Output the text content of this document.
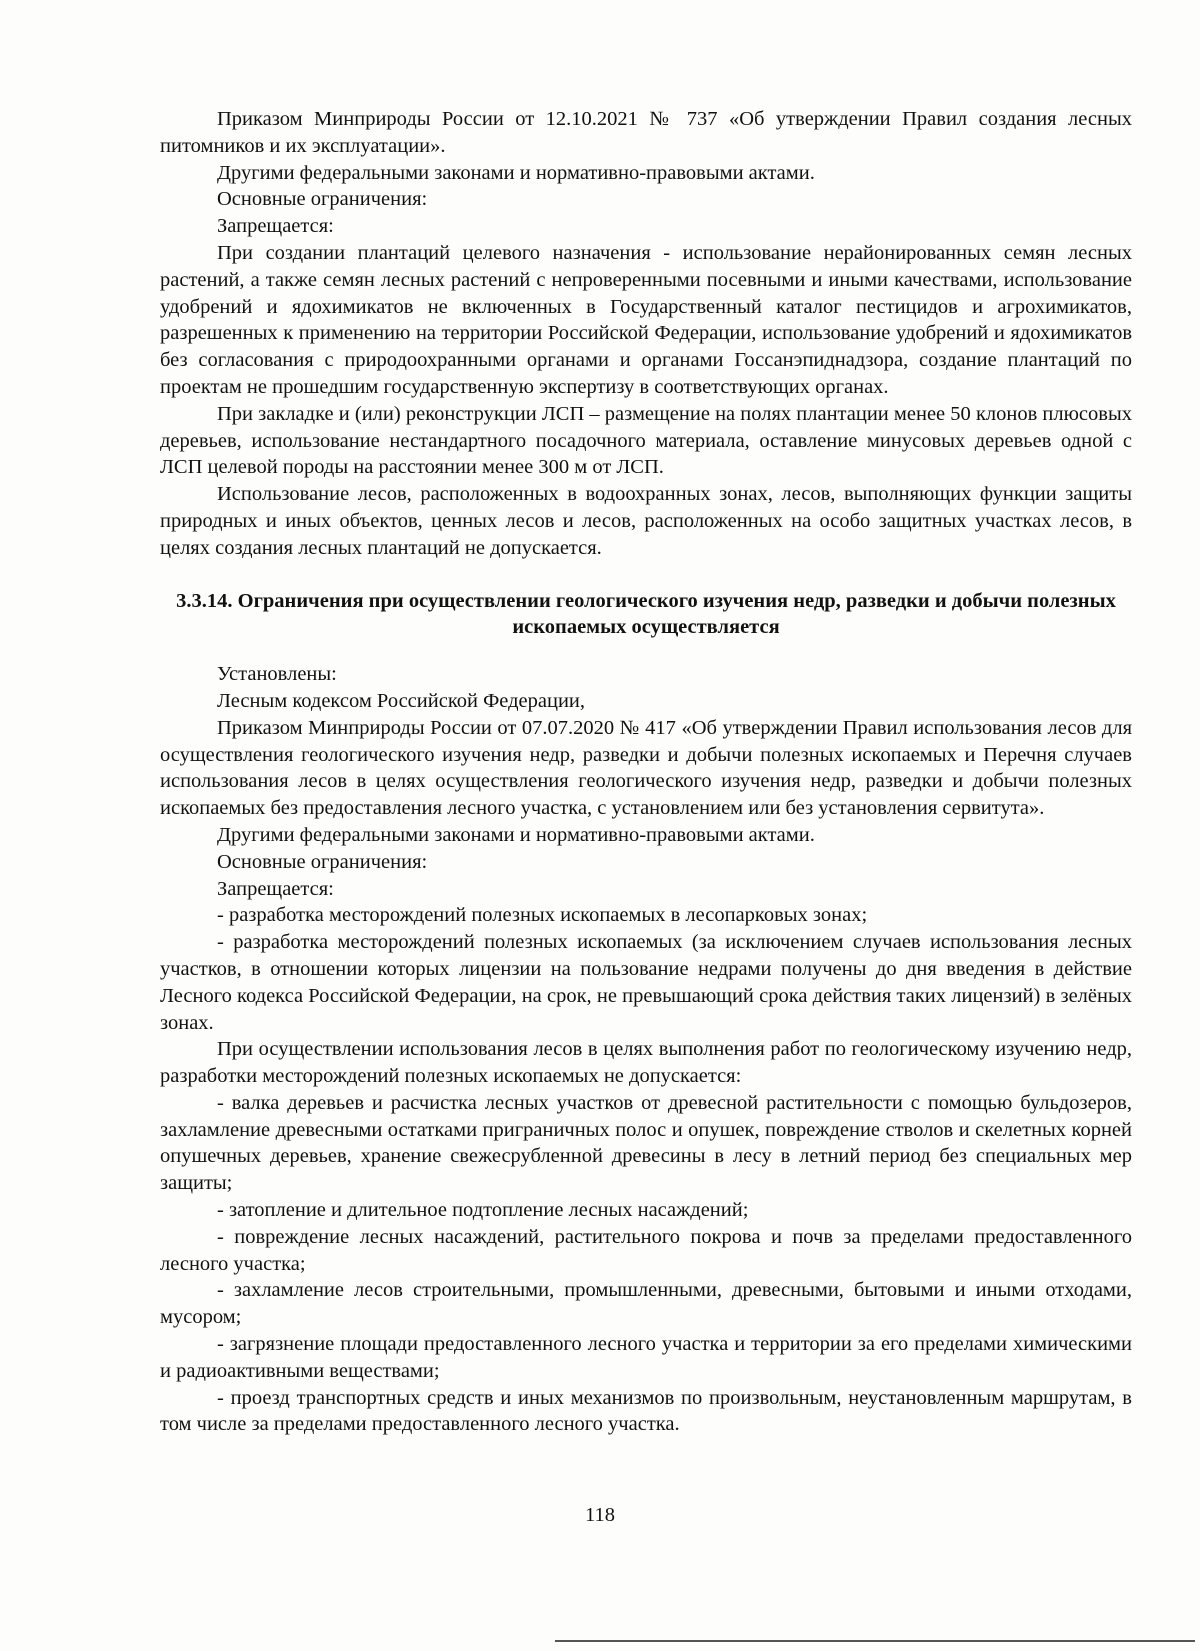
Приказом Минприроды России от 12.10.2021 № 737 «Об утверждении Правил создания лесных питомников и их эксплуатации».

Другими федеральными законами и нормативно-правовыми актами.

Основные ограничения:

Запрещается:

При создании плантаций целевого назначения - использование нерайонированных семян лесных растений, а также семян лесных растений с непроверенными посевными и иными качествами, использование удобрений и ядохимикатов не включенных в Государственный каталог пестицидов и агрохимикатов, разрешенных к применению на территории Российской Федерации, использование удобрений и ядохимикатов без согласования с природоохранными органами и органами Госсанэпиднадзора, создание плантаций по проектам не прошедшим государственную экспертизу в соответствующих органах.

При закладке и (или) реконструкции ЛСП – размещение на полях плантации менее 50 клонов плюсовых деревьев, использование нестандартного посадочного материала, оставление минусовых деревьев одной с ЛСП целевой породы на расстоянии менее 300 м от ЛСП.

Использование лесов, расположенных в водоохранных зонах, лесов, выполняющих функции защиты природных и иных объектов, ценных лесов и лесов, расположенных на особо защитных участках лесов, в целях создания лесных плантаций не допускается.

3.3.14. Ограничения при осуществлении геологического изучения недр, разведки и добычи полезных ископаемых осуществляется

Установлены:

Лесным кодексом Российской Федерации,

Приказом Минприроды России от 07.07.2020 № 417 «Об утверждении Правил использования лесов для осуществления геологического изучения недр, разведки и добычи полезных ископаемых и Перечня случаев использования лесов в целях осуществления геологического изучения недр, разведки и добычи полезных ископаемых без предоставления лесного участка, с установлением или без установления сервитута».

Другими федеральными законами и нормативно-правовыми актами.

Основные ограничения:

Запрещается:

- разработка месторождений полезных ископаемых в лесопарковых зонах;

- разработка месторождений полезных ископаемых (за исключением случаев использования лесных участков, в отношении которых лицензии на пользование недрами получены до дня введения в действие Лесного кодекса Российской Федерации, на срок, не превышающий срока действия таких лицензий) в зелёных зонах.

При осуществлении использования лесов в целях выполнения работ по геологическому изучению недр, разработки месторождений полезных ископаемых не допускается:

- валка деревьев и расчистка лесных участков от древесной растительности с помощью бульдозеров, захламление древесными остатками приграничных полос и опушек, повреждение стволов и скелетных корней опушечных деревьев, хранение свежесрубленной древесины в лесу в летний период без специальных мер защиты;

- затопление и длительное подтопление лесных насаждений;

- повреждение лесных насаждений, растительного покрова и почв за пределами предоставленного лесного участка;

- захламление лесов строительными, промышленными, древесными, бытовыми и иными отходами, мусором;

- загрязнение площади предоставленного лесного участка и территории за его пределами химическими и радиоактивными веществами;

- проезд транспортных средств и иных механизмов по произвольным, неустановленным маршрутам, в том числе за пределами предоставленного лесного участка.

118
